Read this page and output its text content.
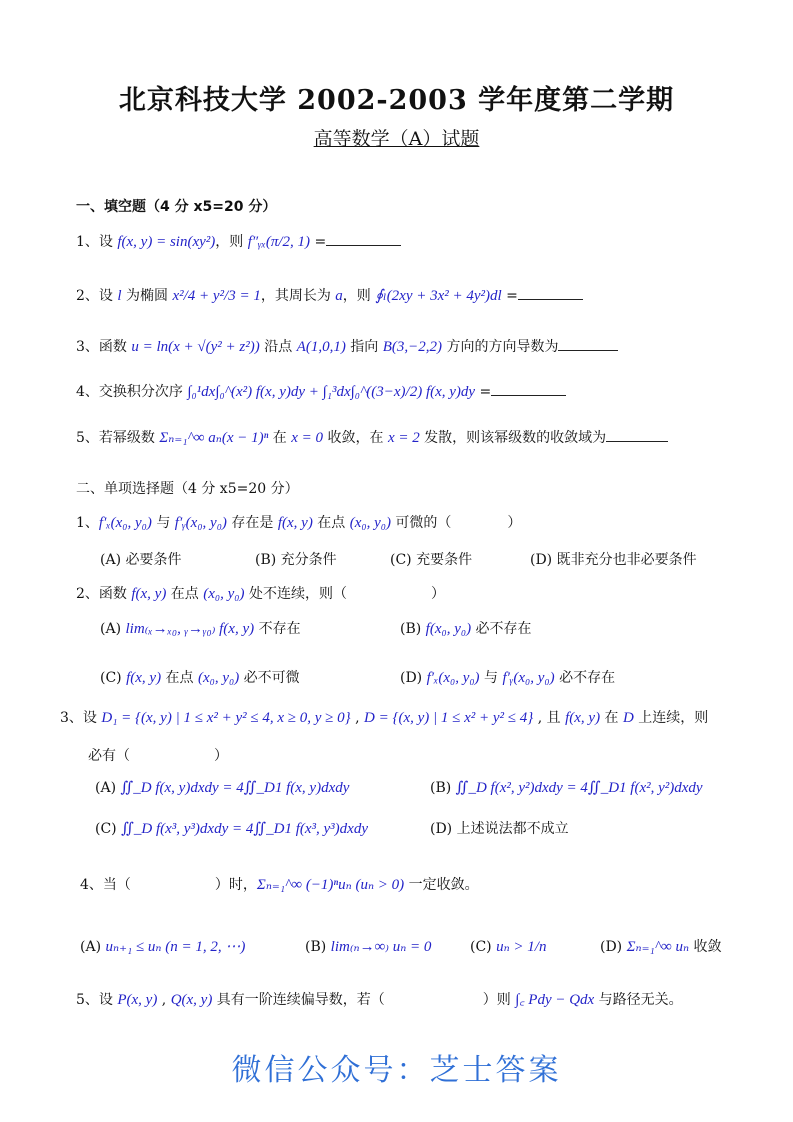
北京科技大学 2002-2003 学年度第二学期
高等数学（A）试题
一、填空题（4 分 x5=20 分）
1、设 f(x, y) = sin(xy²)，则 f″ᵧₓ(π/2, 1) =
2、设 l 为椭圆 x²/4 + y²/3 = 1，其周长为 a，则 ∮ₗ(2xy + 3x² + 4y²)dl =
3、函数 u = ln(x + √(y² + z²)) 沿点 A(1,0,1) 指向 B(3,−2,2) 方向的方向导数为
4、交换积分次序 ∫₀¹dx∫₀^(x²) f(x, y)dy + ∫₁³dx∫₀^((3−x)/2) f(x, y)dy =
5、若幂级数 Σₙ₌₁^∞ aₙ(x − 1)ⁿ 在 x = 0 收敛，在 x = 2 发散，则该幂级数的收敛域为
二、单项选择题（4 分 x5=20 分）
1、f′ₓ(x₀, y₀) 与 f′ᵧ(x₀, y₀) 存在是 f(x, y) 在点 (x₀, y₀) 可微的（　　　　）
(A) 必要条件	(B) 充分条件	(C) 充要条件	(D) 既非充分也非必要条件
2、函数 f(x, y) 在点 (x₀, y₀) 处不连续，则（　　　　　　）
(A) lim₍ₓ→ₓ₀, ᵧ→ᵧ₀₎ f(x, y) 不存在	(B) f(x₀, y₀) 必不存在
(C) f(x, y) 在点 (x₀, y₀) 必不可微	(D) f′ₓ(x₀, y₀) 与 f′ᵧ(x₀, y₀) 必不存在
3、设 D₁ = {(x, y) | 1 ≤ x² + y² ≤ 4, x ≥ 0, y ≥ 0} , D = {(x, y) | 1 ≤ x² + y² ≤ 4} , 且 f(x, y) 在 D 上连续，则
必有（　　　　　　）
(A) ∬_D f(x, y)dxdy = 4∬_D1 f(x, y)dxdy	(B) ∬_D f(x², y²)dxdy = 4∬_D1 f(x², y²)dxdy
(C) ∬_D f(x³, y³)dxdy = 4∬_D1 f(x³, y³)dxdy	(D) 上述说法都不成立
4、当（　　　　　　）时，Σₙ₌₁^∞ (−1)ⁿuₙ (uₙ > 0) 一定收敛。
(A) uₙ₊₁ ≤ uₙ (n = 1, 2, ⋯)	(B) lim₍ₙ→∞₎ uₙ = 0	(C) uₙ > 1/n	(D) Σₙ₌₁^∞ uₙ 收敛
5、设 P(x, y) , Q(x, y) 具有一阶连续偏导数，若（　　　　　　　）则 ∫꜀ Pdy − Qdx 与路径无关。
微信公众号：芝士答案
